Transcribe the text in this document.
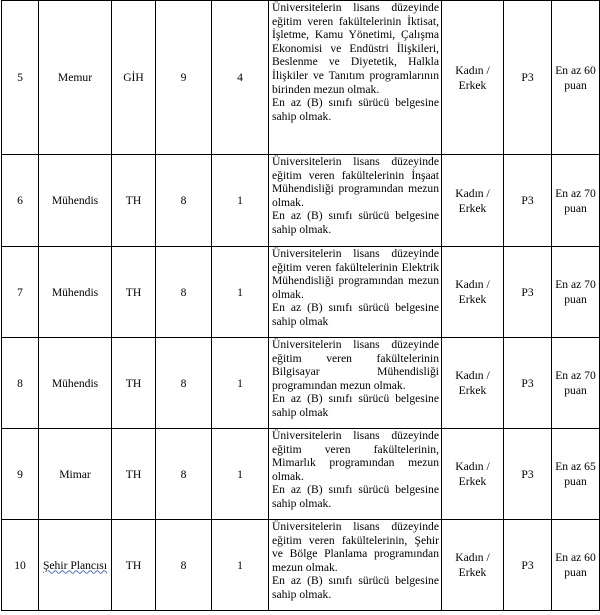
5	Memur	GİH	9	4	Üniversitelerin lisans düzeyinde eğitim veren fakültelerinin İktisat, İşletme, Kamu Yönetimi, Çalışma Ekonomisi ve Endüstri İlişkileri, Beslenme ve Diyetetik, Halkla İlişkiler ve Tanıtım programlarının birinden mezun olmak.
En az (B) sınıfı sürücü belgesine sahip olmak.	Kadın / Erkek	P3	En az 60 puan
6	Mühendis	TH	8	1	Üniversitelerin lisans düzeyinde eğitim veren fakültelerinin İnşaat Mühendisliği programından mezun olmak.
En az (B) sınıfı sürücü belgesine sahip olmak.	Kadın / Erkek	P3	En az 70 puan
7	Mühendis	TH	8	1	Üniversitelerin lisans düzeyinde eğitim veren fakültelerinin Elektrik Mühendisliği programından mezun olmak.
En az (B) sınıfı sürücü belgesine sahip olmak	Kadın / Erkek	P3	En az 70 puan
8	Mühendis	TH	8	1	Üniversitelerin lisans düzeyinde eğitim veren fakültelerinin Bilgisayar Mühendisliği programından mezun olmak.
En az (B) sınıfı sürücü belgesine sahip olmak	Kadın / Erkek	P3	En az 70 puan
9	Mimar	TH	8	1	Üniversitelerin lisans düzeyinde eğitim veren fakültelerinin, Mimarlık programından mezun olmak.
En az (B) sınıfı sürücü belgesine sahip olmak.	Kadın / Erkek	P3	En az 65 puan
10	Şehir Plancısı	TH	8	1	Üniversitelerin lisans düzeyinde eğitim veren fakültelerinin, Şehir ve Bölge Planlama programından mezun olmak.
En az (B) sınıfı sürücü belgesine sahip olmak.	Kadın / Erkek	P3	En az 60 puan
